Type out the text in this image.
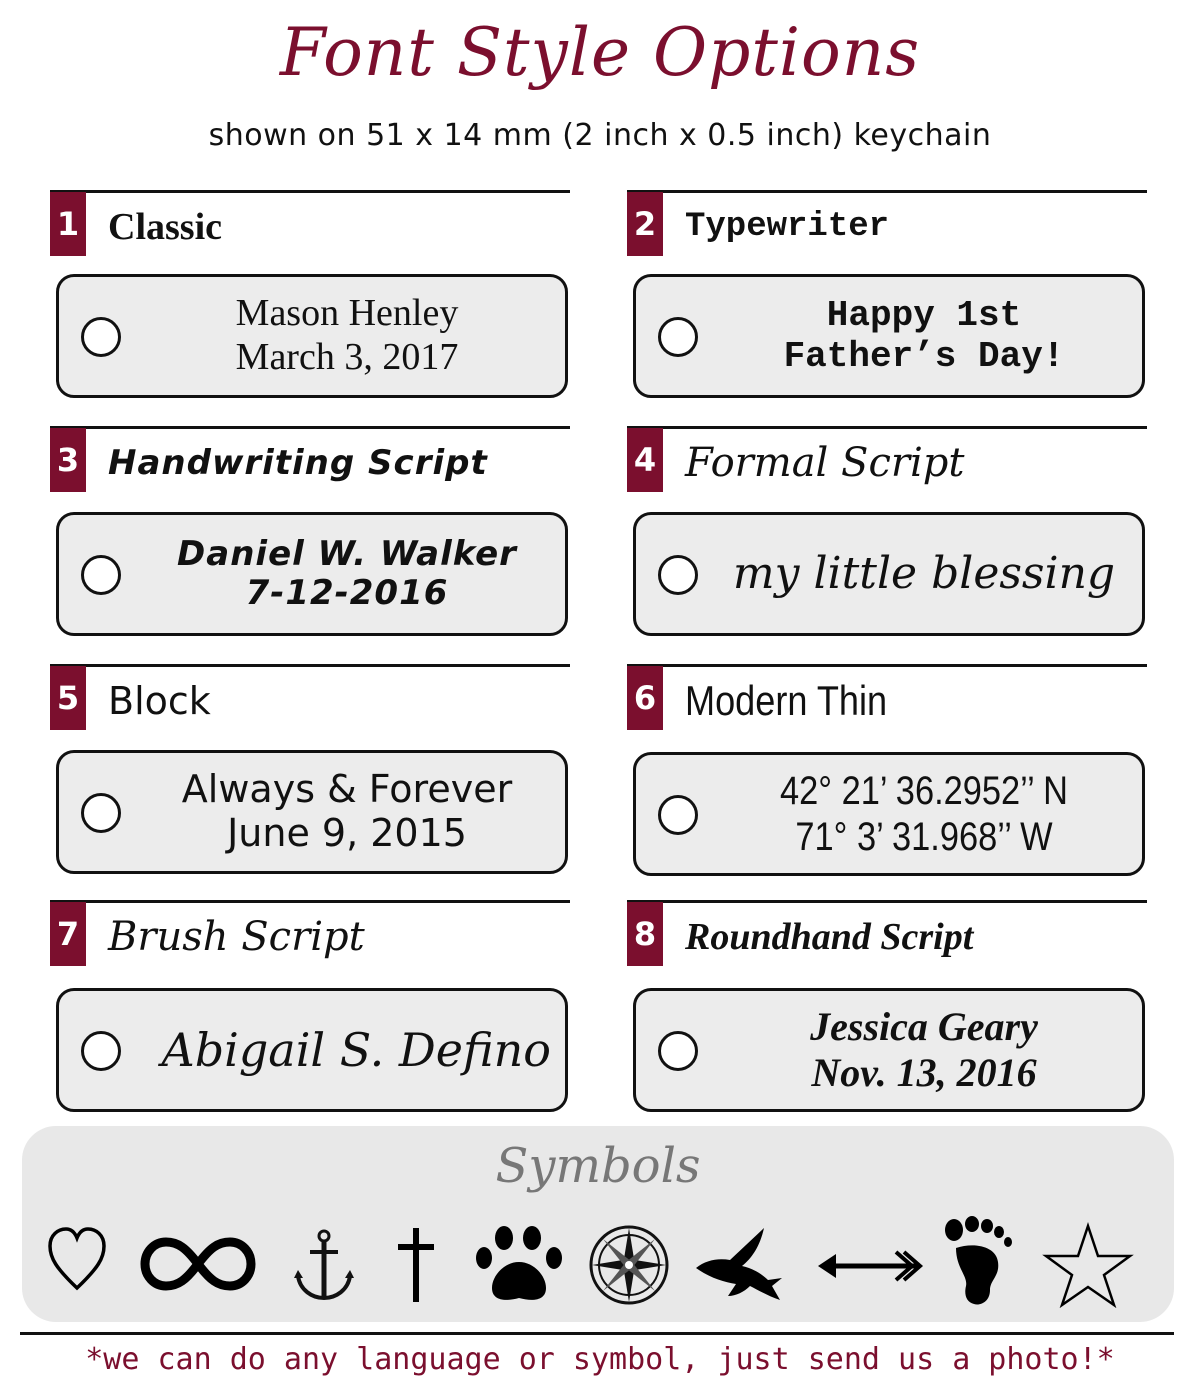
Font Style Options
shown on 51 x 14 mm (2 inch x 0.5 inch) keychain
1 Classic
Mason Henley
March 3, 2017
2 Typewriter
Happy 1st
Father’s Day!
3 Handwriting Script
Daniel W. Walker
7-12-2016
4 Formal Script
my little blessing
5 Block
Always & Forever
June 9, 2015
6 Modern Thin
42° 21’ 36.2952’’ N
71° 3’ 31.968’’ W
7 Brush Script
Abigail S. Defino
8 Roundhand Script
Jessica Geary
Nov. 13, 2016
Symbols
*we can do any language or symbol, just send us a photo!*
